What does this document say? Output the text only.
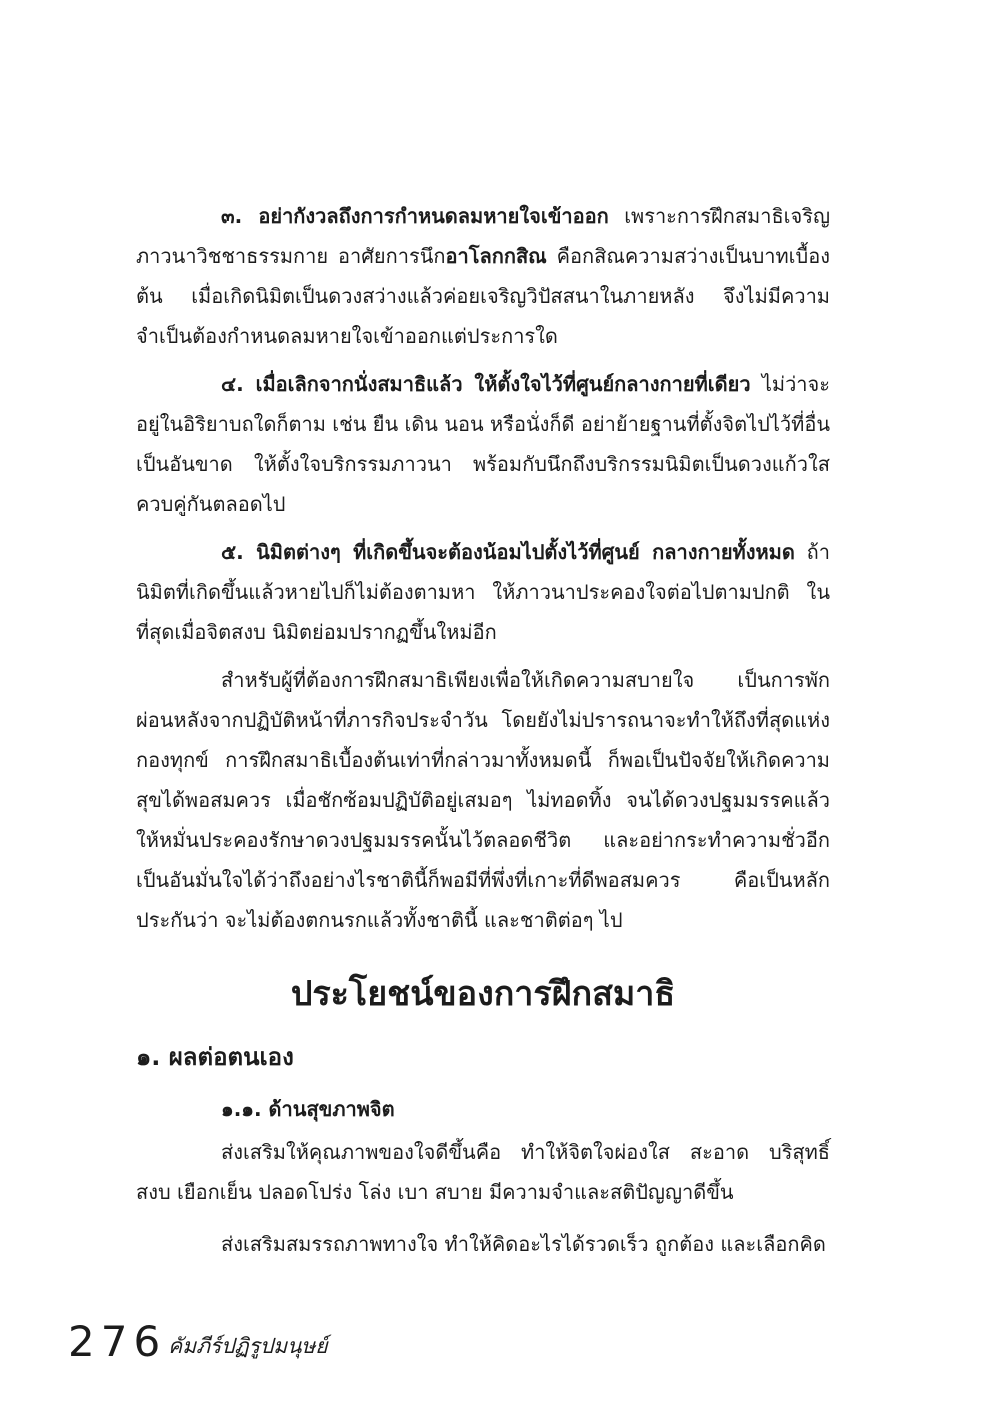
๓. อย่ากังวลถึงการกำหนดลมหายใจเข้าออก เพราะการฝึกสมาธิเจริญภาวนาวิชชาธรรมกาย อาศัยการนึกอาโลกกสิณ คือกสิณความสว่างเป็นบาทเบื้องต้น เมื่อเกิดนิมิตเป็นดวงสว่างแล้วค่อยเจริญวิปัสสนาในภายหลัง จึงไม่มีความจำเป็นต้องกำหนดลมหายใจเข้าออกแต่ประการใด

๔. เมื่อเลิกจากนั่งสมาธิแล้ว ให้ตั้งใจไว้ที่ศูนย์กลางกายที่เดียว ไม่ว่าจะอยู่ในอิริยาบถใดก็ตาม เช่น ยืน เดิน นอน หรือนั่งก็ดี อย่าย้ายฐานที่ตั้งจิตไปไว้ที่อื่นเป็นอันขาด ให้ตั้งใจบริกรรมภาวนา พร้อมกับนึกถึงบริกรรมนิมิตเป็นดวงแก้วใสควบคู่กันตลอดไป

๕. นิมิตต่างๆ ที่เกิดขึ้นจะต้องน้อมไปตั้งไว้ที่ศูนย์ กลางกายทั้งหมด ถ้านิมิตที่เกิดขึ้นแล้วหายไปก็ไม่ต้องตามหา ให้ภาวนาประคองใจต่อไปตามปกติ ในที่สุดเมื่อจิตสงบ นิมิตย่อมปรากฏขึ้นใหม่อีก

สำหรับผู้ที่ต้องการฝึกสมาธิเพียงเพื่อให้เกิดความสบายใจ เป็นการพักผ่อนหลังจากปฏิบัติหน้าที่ภารกิจประจำวัน โดยยังไม่ปรารถนาจะทำให้ถึงที่สุดแห่งกองทุกข์ การฝึกสมาธิเบื้องต้นเท่าที่กล่าวมาทั้งหมดนี้ ก็พอเป็นปัจจัยให้เกิดความสุขได้พอสมควร เมื่อชักซ้อมปฏิบัติอยู่เสมอๆ ไม่ทอดทิ้ง จนได้ดวงปฐมมรรคแล้ว ให้หมั่นประคองรักษาดวงปฐมมรรคนั้นไว้ตลอดชีวิต และอย่ากระทำความชั่วอีก เป็นอันมั่นใจได้ว่าถึงอย่างไรชาตินี้ก็พอมีที่พึ่งที่เกาะที่ดีพอสมควร คือเป็นหลักประกันว่า จะไม่ต้องตกนรกแล้วทั้งชาตินี้ และชาติต่อๆ ไป

ประโยชน์ของการฝึกสมาธิ
๑. ผลต่อตนเอง
๑.๑. ด้านสุขภาพจิต

ส่งเสริมให้คุณภาพของใจดีขึ้นคือ ทำให้จิตใจผ่องใส สะอาด บริสุทธิ์ สงบ เยือกเย็น ปลอดโปร่ง โล่ง เบา สบาย มีความจำและสติปัญญาดีขึ้น

ส่งเสริมสมรรถภาพทางใจ ทำให้คิดอะไรได้รวดเร็ว ถูกต้อง และเลือกคิด

276 คัมภีร์ปฏิรูปมนุษย์
